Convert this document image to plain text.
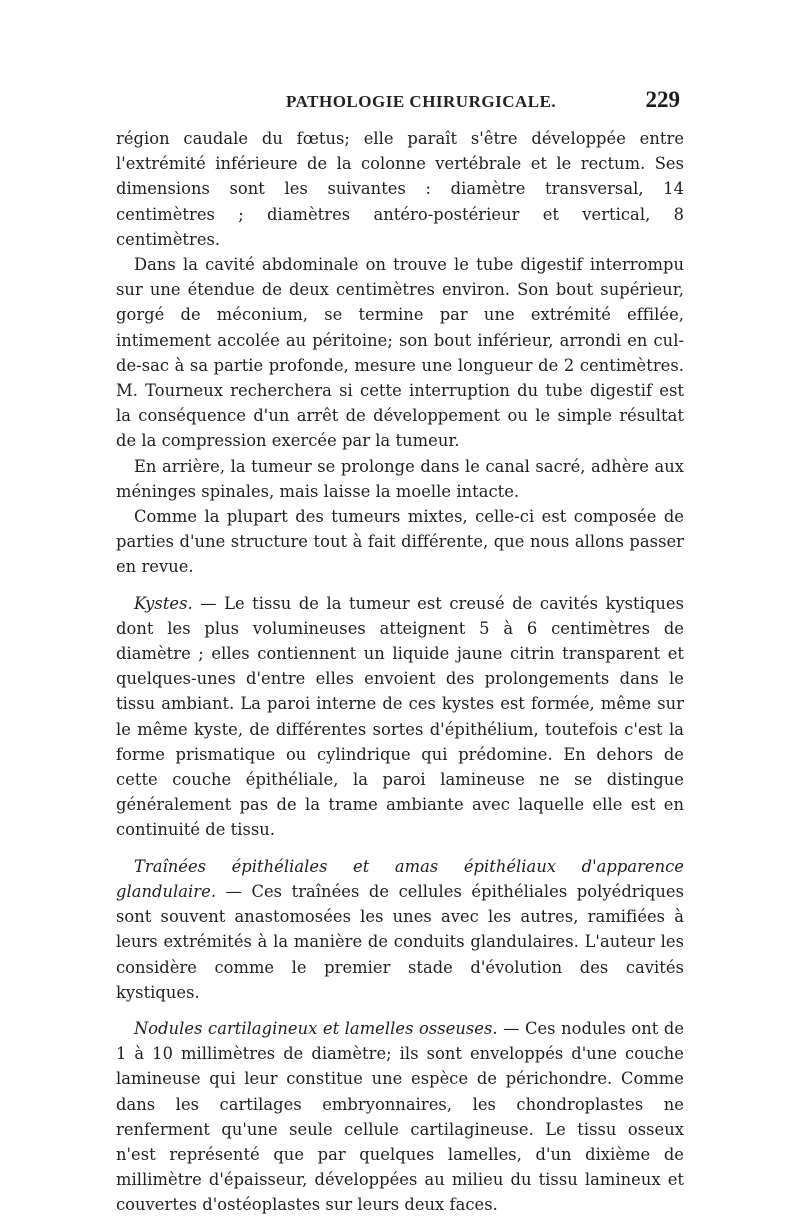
PATHOLOGIE CHIRURGICALE.	229

région caudale du fœtus; elle paraît s'être développée entre l'extrémité inférieure de la colonne vertébrale et le rectum. Ses dimensions sont les suivantes : diamètre transversal, 14 centimètres ; diamètres antéro-postérieur et vertical, 8 centimètres.

Dans la cavité abdominale on trouve le tube digestif interrompu sur une étendue de deux centimètres environ. Son bout supérieur, gorgé de méconium, se termine par une extrémité effilée, intimement accolée au péritoine; son bout inférieur, arrondi en cul-de-sac à sa partie profonde, mesure une longueur de 2 centimètres. M. Tourneux recherchera si cette interruption du tube digestif est la conséquence d'un arrêt de développement ou le simple résultat de la compression exercée par la tumeur.

En arrière, la tumeur se prolonge dans le canal sacré, adhère aux méninges spinales, mais laisse la moelle intacte.

Comme la plupart des tumeurs mixtes, celle-ci est composée de parties d'une structure tout à fait différente, que nous allons passer en revue.

Kystes. — Le tissu de la tumeur est creusé de cavités kystiques dont les plus volumineuses atteignent 5 à 6 centimètres de diamètre ; elles contiennent un liquide jaune citrin transparent et quelques-unes d'entre elles envoient des prolongements dans le tissu ambiant. La paroi interne de ces kystes est formée, même sur le même kyste, de différentes sortes d'épithélium, toutefois c'est la forme prismatique ou cylindrique qui prédomine. En dehors de cette couche épithéliale, la paroi lamineuse ne se distingue généralement pas de la trame ambiante avec laquelle elle est en continuité de tissu.

Traînées épithéliales et amas épithéliaux d'apparence glandulaire. — Ces traînées de cellules épithéliales polyédriques sont souvent anastomosées les unes avec les autres, ramifiées à leurs extrémités à la manière de conduits glandulaires. L'auteur les considère comme le premier stade d'évolution des cavités kystiques.

Nodules cartilagineux et lamelles osseuses. — Ces nodules ont de 1 à 10 millimètres de diamètre; ils sont enveloppés d'une couche lamineuse qui leur constitue une espèce de périchondre. Comme dans les cartilages embryonnaires, les chondroplastes ne renferment qu'une seule cellule cartilagineuse. Le tissu osseux n'est représenté que par quelques lamelles, d'un dixième de millimètre d'épaisseur, développées au milieu du tissu lamineux et couvertes d'ostéoplastes sur leurs deux faces.
